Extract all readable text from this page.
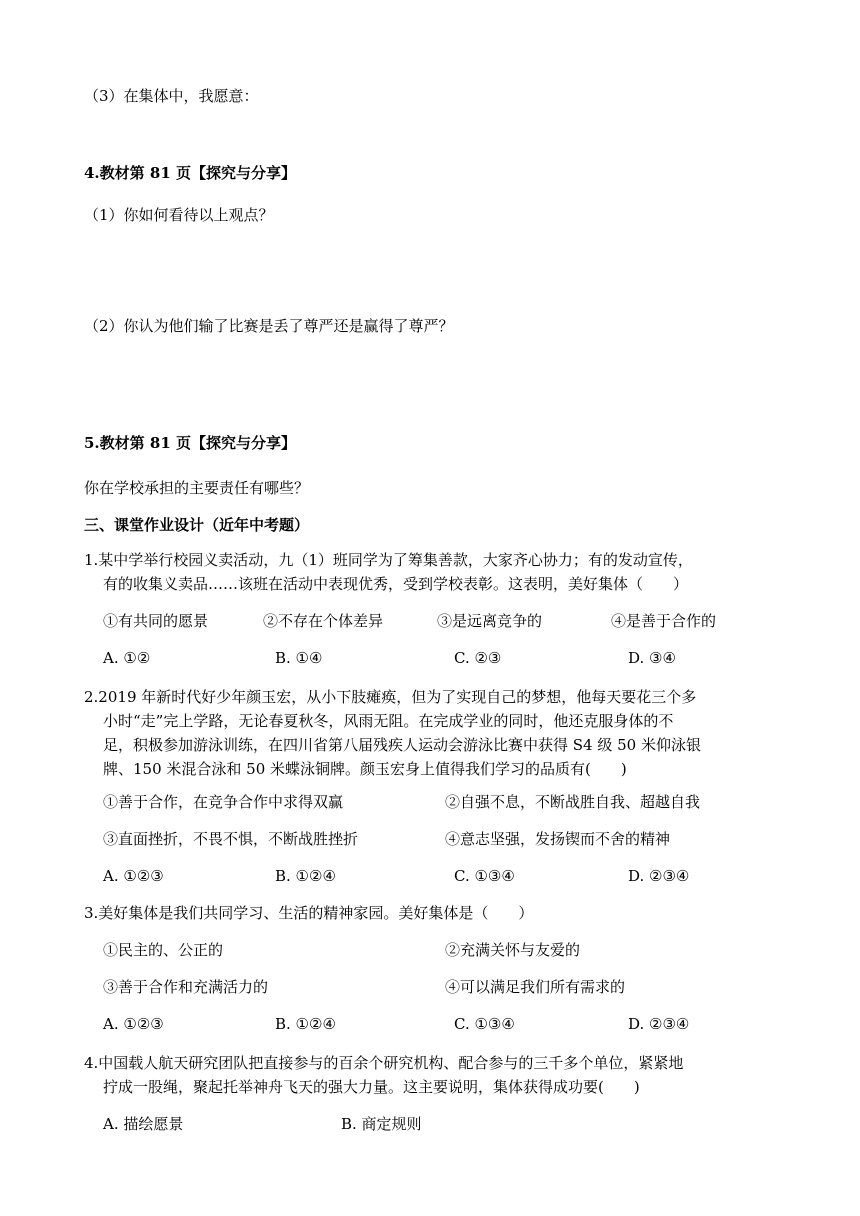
（3）在集体中，我愿意：
4.教材第 81 页【探究与分享】
（1）你如何看待以上观点？
（2）你认为他们输了比赛是丢了尊严还是赢得了尊严？
5.教材第 81 页【探究与分享】
你在学校承担的主要责任有哪些？
三、课堂作业设计（近年中考题）
1.某中学举行校园义卖活动，九（1）班同学为了筹集善款，大家齐心协力；有的发动宣传，
有的收集义卖品……该班在活动中表现优秀，受到学校表彰。这表明，美好集体（　　）
①有共同的愿景	②不存在个体差异	③是远离竞争的	④是善于合作的
A. ①②	B. ①④	C. ②③	D. ③④
2.2019 年新时代好少年颜玉宏，从小下肢瘫痪，但为了实现自己的梦想，他每天要花三个多
小时“走”完上学路，无论春夏秋冬，风雨无阻。在完成学业的同时，他还克服身体的不
足，积极参加游泳训练，在四川省第八届残疾人运动会游泳比赛中获得 S4 级 50 米仰泳银
牌、150 米混合泳和 50 米蝶泳铜牌。颜玉宏身上值得我们学习的品质有(　　)
①善于合作，在竞争合作中求得双赢	②自强不息，不断战胜自我、超越自我
③直面挫折，不畏不惧，不断战胜挫折	④意志坚强，发扬锲而不舍的精神
A. ①②③	B. ①②④	C. ①③④	D. ②③④
3.美好集体是我们共同学习、生活的精神家园。美好集体是（　　）
①民主的、公正的	②充满关怀与友爱的
③善于合作和充满活力的	④可以满足我们所有需求的
A. ①②③	B. ①②④	C. ①③④	D. ②③④
4.中国载人航天研究团队把直接参与的百余个研究机构、配合参与的三千多个单位，紧紧地
拧成一股绳，聚起托举神舟飞天的强大力量。这主要说明，集体获得成功要(　　)
A. 描绘愿景	B. 商定规则
